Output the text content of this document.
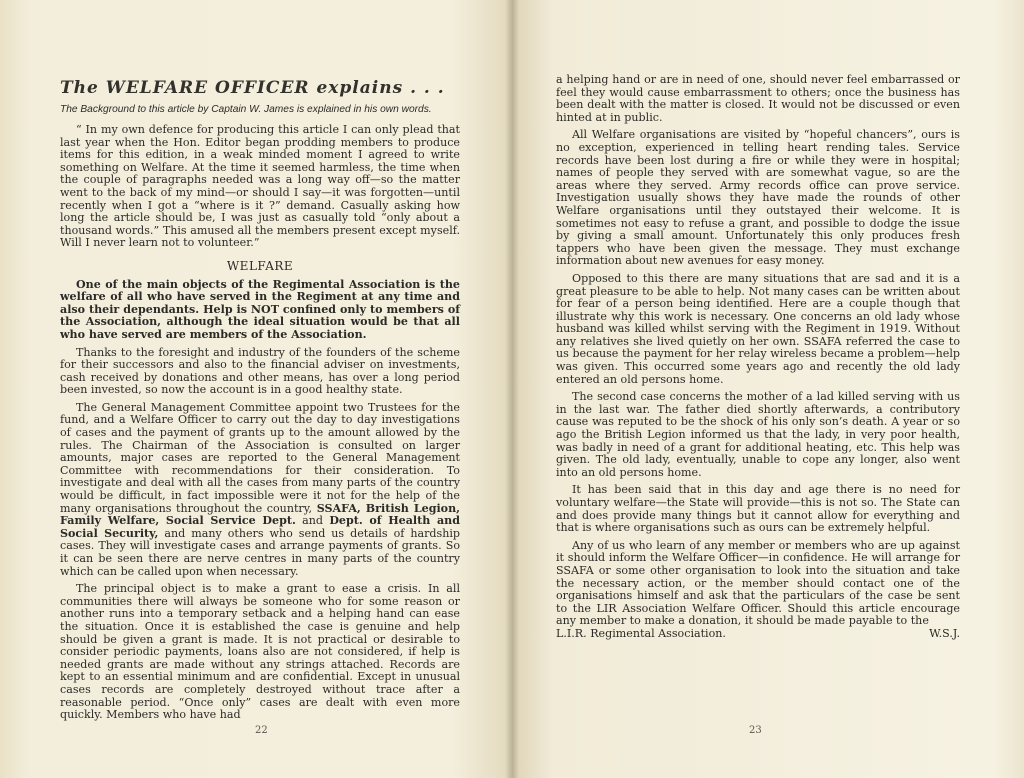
The WELFARE OFFICER explains . . .
The Background to this article by Captain W. James is explained in his own words.

“ In my own defence for producing this article I can only plead that last year when the Hon. Editor began prodding members to produce items for this edition, in a weak minded moment I agreed to write something on Welfare. At the time it seemed harmless, the time when the couple of paragraphs needed was a long way off—so the matter went to the back of my mind—or should I say—it was forgotten—until recently when I got a “where is it ?” demand. Casually asking how long the article should be, I was just as casually told “only about a thousand words.” This amused all the members present except myself. Will I never learn not to volunteer.”

WELFARE

One of the main objects of the Regimental Association is the welfare of all who have served in the Regiment at any time and also their dependants. Help is NOT confined only to members of the Association, although the ideal situation would be that all who have served are members of the Association.

Thanks to the foresight and industry of the founders of the scheme for their successors and also to the financial adviser on investments, cash received by donations and other means, has over a long period been invested, so now the account is in a good healthy state.

The General Management Committee appoint two Trustees for the fund, and a Welfare Officer to carry out the day to day investigations of cases and the payment of grants up to the amount allowed by the rules. The Chairman of the Association is consulted on larger amounts, major cases are reported to the General Management Committee with recommendations for their consideration. To investigate and deal with all the cases from many parts of the country would be difficult, in fact impossible were it not for the help of the many organisations throughout the country, SSAFA, British Legion, Family Welfare, Social Service Dept. and Dept. of Health and Social Security, and many others who send us details of hardship cases. They will investigate cases and arrange payments of grants. So it can be seen there are nerve centres in many parts of the country which can be called upon when necessary.

The principal object is to make a grant to ease a crisis. In all communities there will always be someone who for some reason or another runs into a temporary setback and a helping hand can ease the situation. Once it is established the case is genuine and help should be given a grant is made. It is not practical or desirable to consider periodic payments, loans also are not considered, if help is needed grants are made without any strings attached. Records are kept to an essential minimum and are confidential. Except in unusual cases records are completely destroyed without trace after a reasonable period. “Once only” cases are dealt with even more quickly. Members who have had

22

a helping hand or are in need of one, should never feel embarrassed or feel they would cause embarrassment to others; once the business has been dealt with the matter is closed. It would not be discussed or even hinted at in public.

All Welfare organisations are visited by “hopeful chancers”, ours is no exception, experienced in telling heart rending tales. Service records have been lost during a fire or while they were in hospital; names of people they served with are somewhat vague, so are the areas where they served. Army records office can prove service. Investigation usually shows they have made the rounds of other Welfare organisations until they outstayed their welcome. It is sometimes not easy to refuse a grant, and possible to dodge the issue by giving a small amount. Unfortunately this only produces fresh tappers who have been given the message. They must exchange information about new avenues for easy money.

Opposed to this there are many situations that are sad and it is a great pleasure to be able to help. Not many cases can be written about for fear of a person being identified. Here are a couple though that illustrate why this work is necessary. One concerns an old lady whose husband was killed whilst serving with the Regiment in 1919. Without any relatives she lived quietly on her own. SSAFA referred the case to us because the payment for her relay wireless became a problem—help was given. This occurred some years ago and recently the old lady entered an old persons home.

The second case concerns the mother of a lad killed serving with us in the last war. The father died shortly afterwards, a contributory cause was reputed to be the shock of his only son’s death. A year or so ago the British Legion informed us that the lady, in very poor health, was badly in need of a grant for additional heating, etc. This help was given. The old lady, eventually, unable to cope any longer, also went into an old persons home.

It has been said that in this day and age there is no need for voluntary welfare—the State will provide—this is not so. The State can and does provide many things but it cannot allow for everything and that is where organisations such as ours can be extremely helpful.

Any of us who learn of any member or members who are up against it should inform the Welfare Officer—in confidence. He will arrange for SSAFA or some other organisation to look into the situation and take the necessary action, or the member should contact one of the organisations himself and ask that the particulars of the case be sent to the LIR Association Welfare Officer. Should this article encourage any member to make a donation, it should be made payable to the

L.I.R. Regimental Association.	W.S.J.

23
